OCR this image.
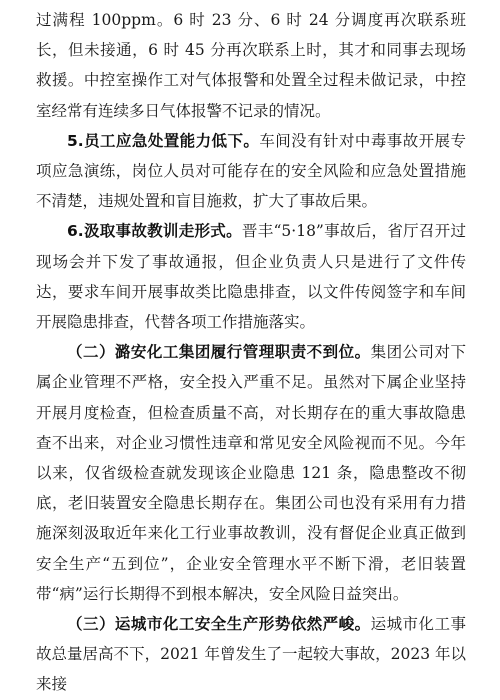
过满程 100ppm。6 时 23 分、6 时 24 分调度再次联系班长，但未接通，6 时 45 分再次联系上时，其才和同事去现场救援。中控室操作工对气体报警和处置全过程未做记录，中控室经常有连续多日气体报警不记录的情况。

5.员工应急处置能力低下。车间没有针对中毒事故开展专项应急演练，岗位人员对可能存在的安全风险和应急处置措施不清楚，违规处置和盲目施救，扩大了事故后果。

6.汲取事故教训走形式。晋丰“5·18”事故后，省厅召开过现场会并下发了事故通报，但企业负责人只是进行了文件传达，要求车间开展事故类比隐患排查，以文件传阅签字和车间开展隐患排查，代替各项工作措施落实。

（二）潞安化工集团履行管理职责不到位。集团公司对下属企业管理不严格，安全投入严重不足。虽然对下属企业坚持开展月度检查，但检查质量不高，对长期存在的重大事故隐患查不出来，对企业习惯性违章和常见安全风险视而不见。今年以来，仅省级检查就发现该企业隐患 121 条，隐患整改不彻底，老旧装置安全隐患长期存在。集团公司也没有采用有力措施深刻汲取近年来化工行业事故教训，没有督促企业真正做到安全生产“五到位”，企业安全管理水平不断下滑，老旧装置带“病”运行长期得不到根本解决，安全风险日益突出。

（三）运城市化工安全生产形势依然严峻。运城市化工事故总量居高不下，2021 年曾发生了一起较大事故，2023 年以来接
